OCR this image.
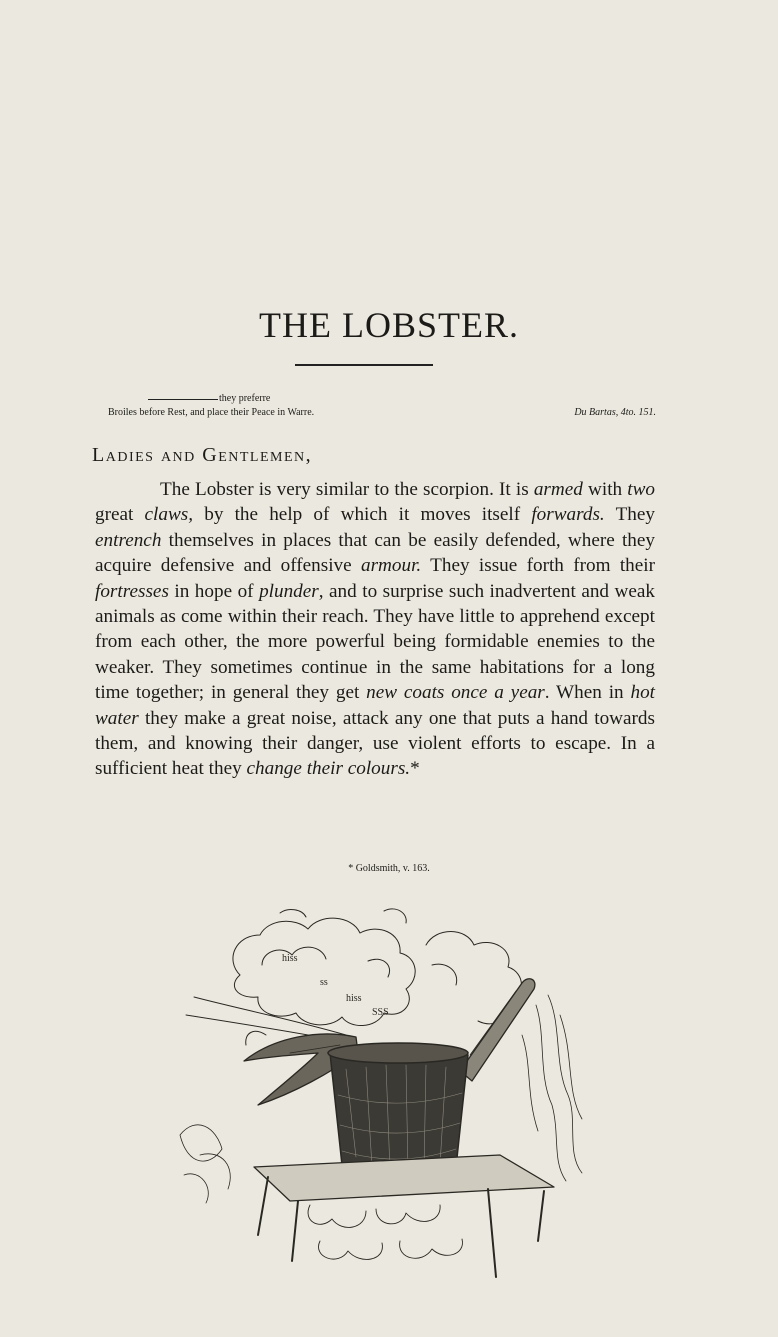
THE LOBSTER.
they preferre
Broiles before Rest, and place their Peace in Warre.	Du Bartas, 4to. 151.
Ladies and Gentlemen,

The Lobster is very similar to the scorpion. It is armed with two great claws, by the help of which it moves itself forwards. They entrench themselves in places that can be easily defended, where they acquire defensive and offensive armour. They issue forth from their fortresses in hope of plunder, and to surprise such inadvertent and weak animals as come within their reach. They have little to apprehend except from each other, the more powerful being formidable enemies to the weaker. They sometimes continue in the same habitations for a long time together; in general they get new coats once a year. When in hot water they make a great noise, attack any one that puts a hand towards them, and knowing their danger, use violent efforts to escape. In a sufficient heat they change their colours.*

* Goldsmith, v. 163.
hiss
ss
hiss
SSS
